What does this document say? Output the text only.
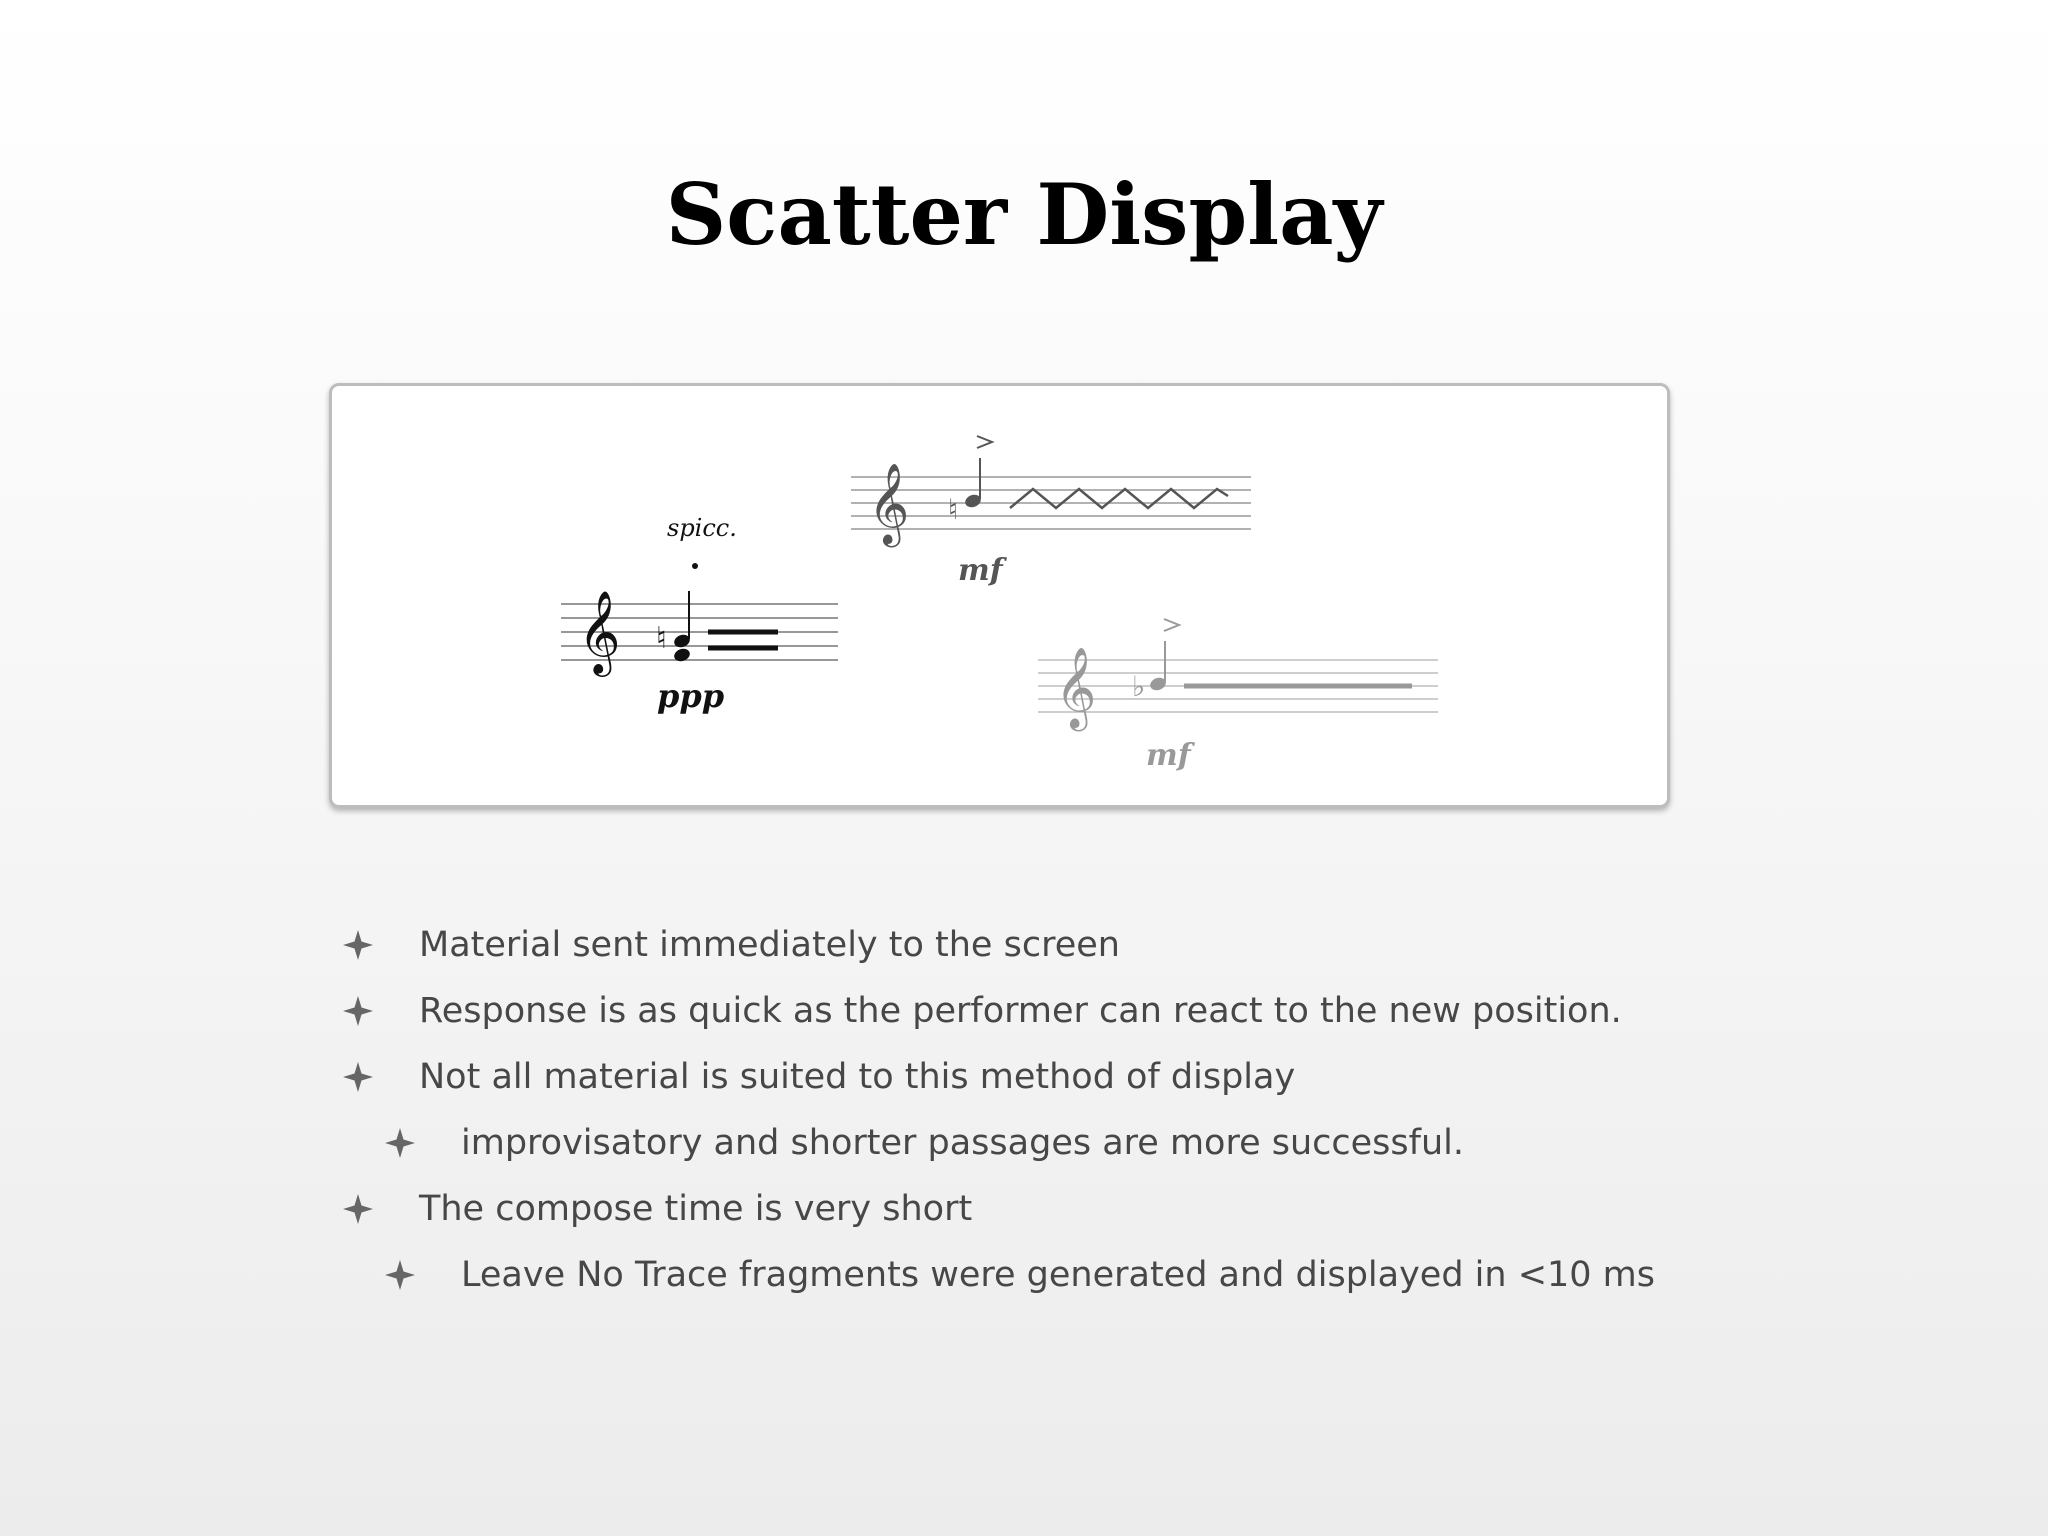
Scatter Display
𝄞 ♮
spicc.
ppp
𝄞 ♮
mf
𝄞 ♭
mf
Material sent immediately to the screen
Response is as quick as the performer can react to the new position.
Not all material is suited to this method of display
improvisatory and shorter passages are more successful.
The compose time is very short
Leave No Trace fragments were generated and displayed in <10 ms
